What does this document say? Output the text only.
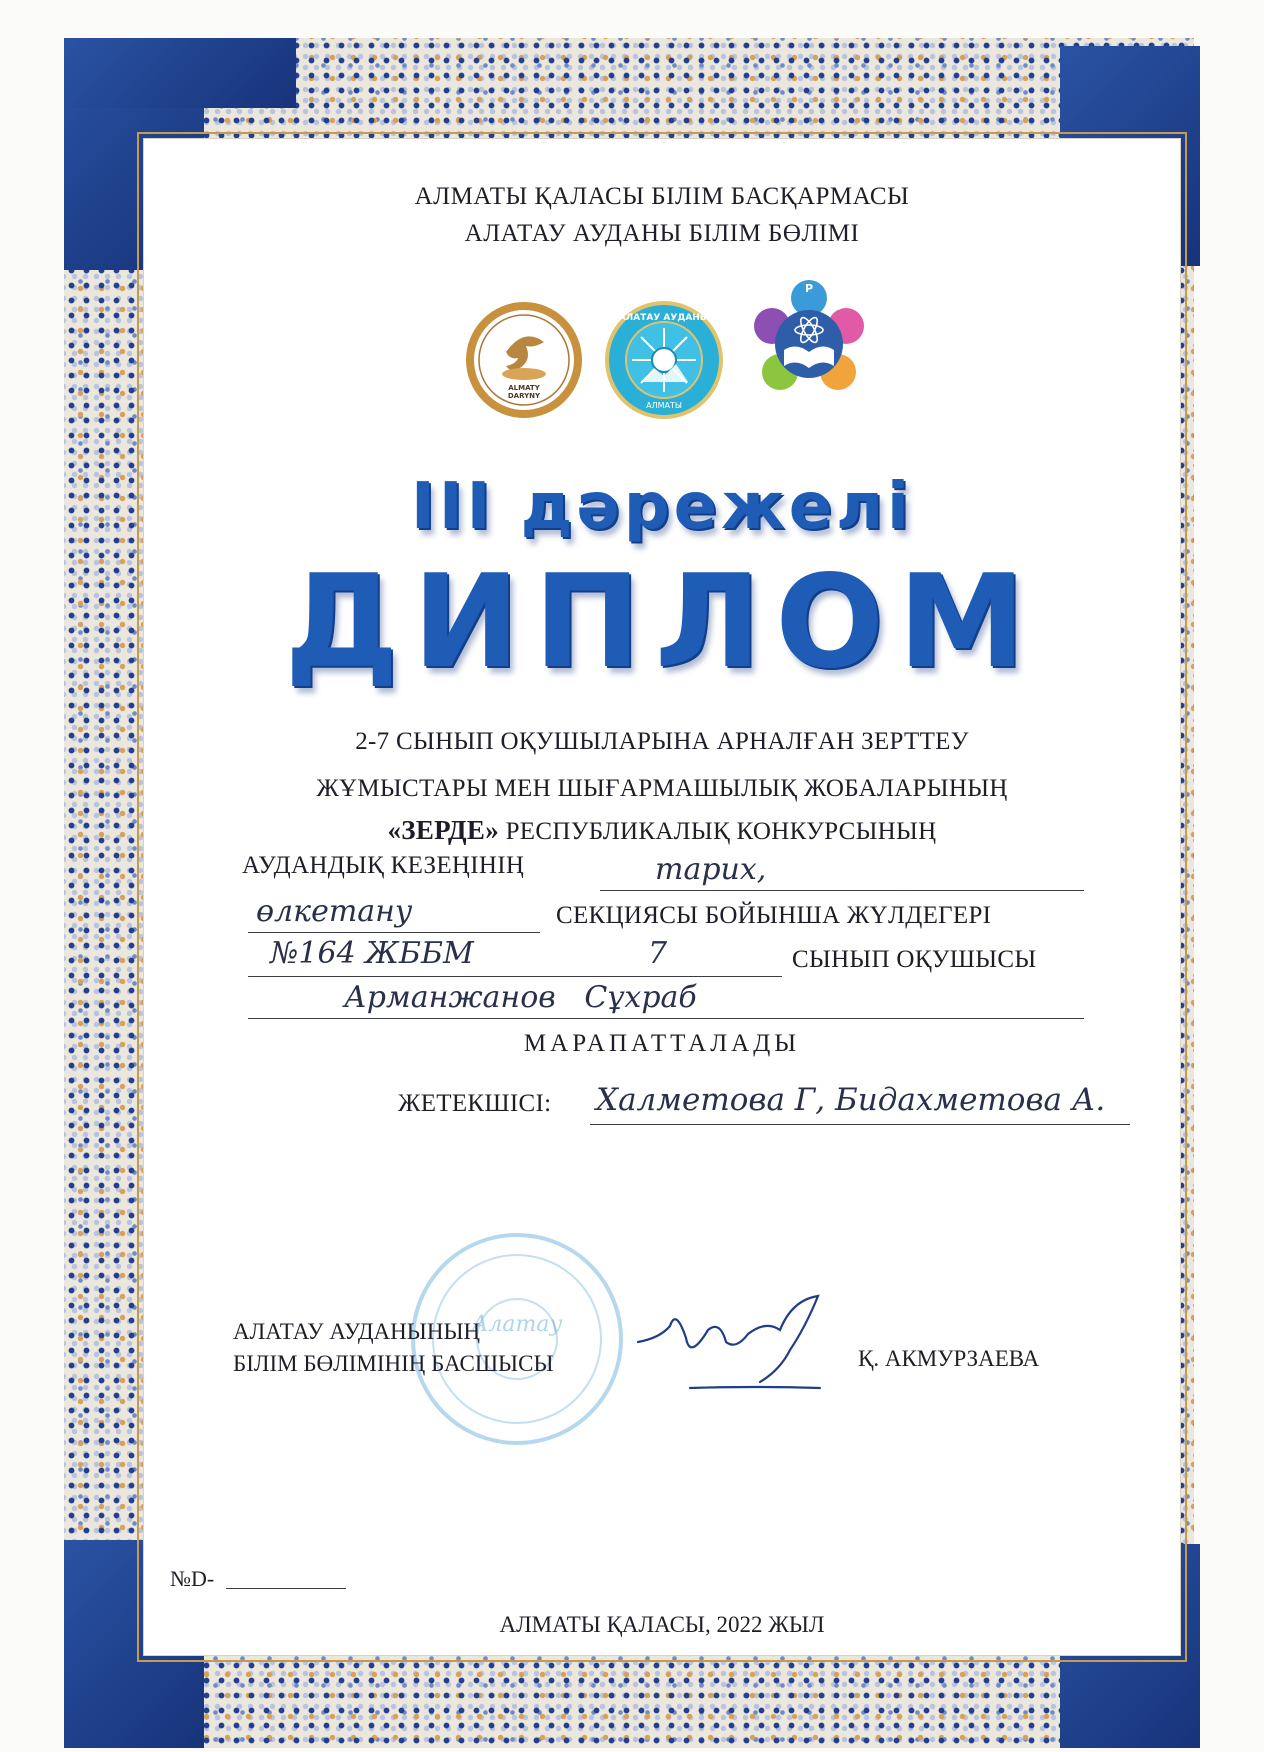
АЛМАТЫ ҚАЛАСЫ БІЛІМ БАСҚАРМАСЫ
АЛАТАУ АУДАНЫ БІЛІМ БӨЛІМІ
ALMATY
DARYNY
АЛАТАУ АУДАНЫ
АЛМАТЫ
Р
Е	Д
З	Е
III дәрежелі
ДИПЛОМ
2-7 СЫНЫП ОҚУШЫЛАРЫНА АРНАЛҒАН ЗЕРТТЕУ
ЖҰМЫСТАРЫ МЕН ШЫҒАРМАШЫЛЫҚ ЖОБАЛАРЫНЫҢ
«ЗЕРДЕ» РЕСПУБЛИКАЛЫҚ КОНКУРСЫНЫҢ
АУДАНДЫҚ КЕЗЕҢІНІҢ	тарих,
өлкетану	СЕКЦИЯСЫ БОЙЫНША ЖҮЛДЕГЕРІ
№164 ЖББМ	7	СЫНЫП ОҚУШЫСЫ
Арманжанов   Сұхраб
МАРАПАТТАЛАДЫ
ЖЕТЕКШІСІ: Халметова Г, Бидахметова А.
Алатау
АЛАТАУ АУДАНЫНЫҢ
БІЛІМ БӨЛІМІНІҢ БАСШЫСЫ	Қ. АКМУРЗАЕВА
№D-
АЛМАТЫ ҚАЛАСЫ, 2022 ЖЫЛ
